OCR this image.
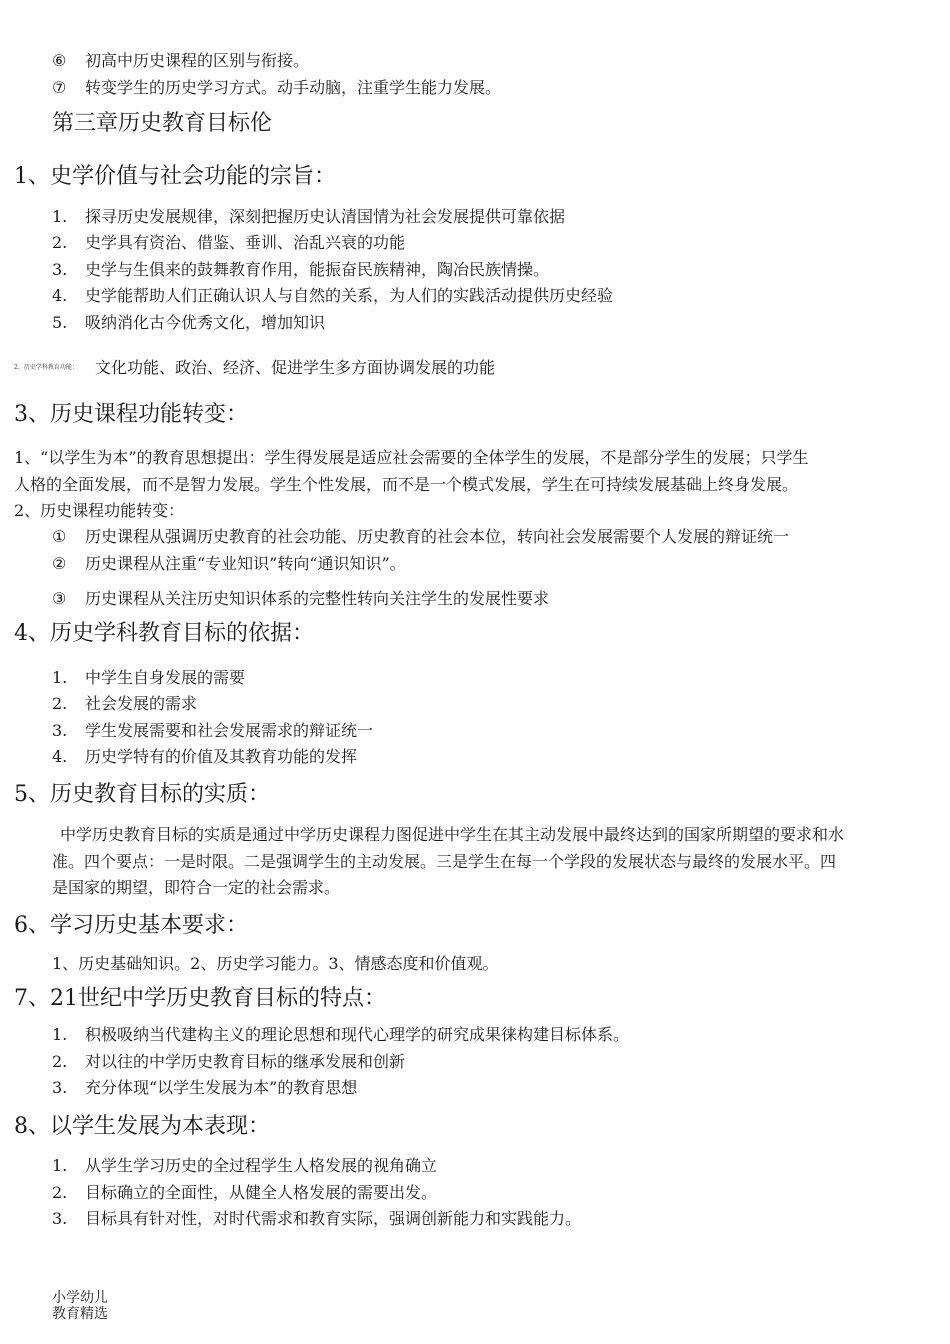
⑥ 初高中历史课程的区别与衔接。
⑦ 转变学生的历史学习方式。动手动脑，注重学生能力发展。
第三章历史教育目标伦
1、史学价值与社会功能的宗旨：
1. 探寻历史发展规律，深刻把握历史认清国情为社会发展提供可靠依据
2. 史学具有资治、借鉴、垂训、治乱兴衰的功能
3. 史学与生俱来的鼓舞教育作用，能振奋民族精神，陶冶民族情操。
4. 史学能帮助人们正确认识人与自然的关系，为人们的实践活动提供历史经验
5. 吸纳消化古今优秀文化，增加知识
2、历史学科教育功能： 文化功能、政治、经济、促进学生多方面协调发展的功能
3、历史课程功能转变：
1、“以学生为本”的教育思想提出：学生得发展是适应社会需要的全体学生的发展，不是部分学生的发展；只学生
人格的全面发展，而不是智力发展。学生个性发展，而不是一个模式发展，学生在可持续发展基础上终身发展。
2、历史课程功能转变：
① 历史课程从强调历史教育的社会功能、历史教育的社会本位，转向社会发展需要个人发展的辩证统一
② 历史课程从注重“专业知识”转向“通识知识”。
③ 历史课程从关注历史知识体系的完整性转向关注学生的发展性要求
4、历史学科教育目标的依据：
1. 中学生自身发展的需要
2. 社会发展的需求
3. 学生发展需要和社会发展需求的辩证统一
4. 历史学特有的价值及其教育功能的发挥
5、历史教育目标的实质：
中学历史教育目标的实质是通过中学历史课程力图促进中学生在其主动发展中最终达到的国家所期望的要求和水
准。四个要点：一是时限。二是强调学生的主动发展。三是学生在每一个学段的发展状态与最终的发展水平。四
是国家的期望，即符合一定的社会需求。
6、学习历史基本要求：
1、历史基础知识。2、历史学习能力。3、情感态度和价值观。
7、21世纪中学历史教育目标的特点：
1. 积极吸纳当代建构主义的理论思想和现代心理学的研究成果徕构建目标体系。
2. 对以往的中学历史教育目标的继承发展和创新
3. 充分体现“以学生发展为本”的教育思想
8、以学生发展为本表现：
1. 从学生学习历史的全过程学生人格发展的视角确立
2. 目标确立的全面性，从健全人格发展的需要出发。
3. 目标具有针对性，对时代需求和教育实际，强调创新能力和实践能力。
小学幼儿教育精选
